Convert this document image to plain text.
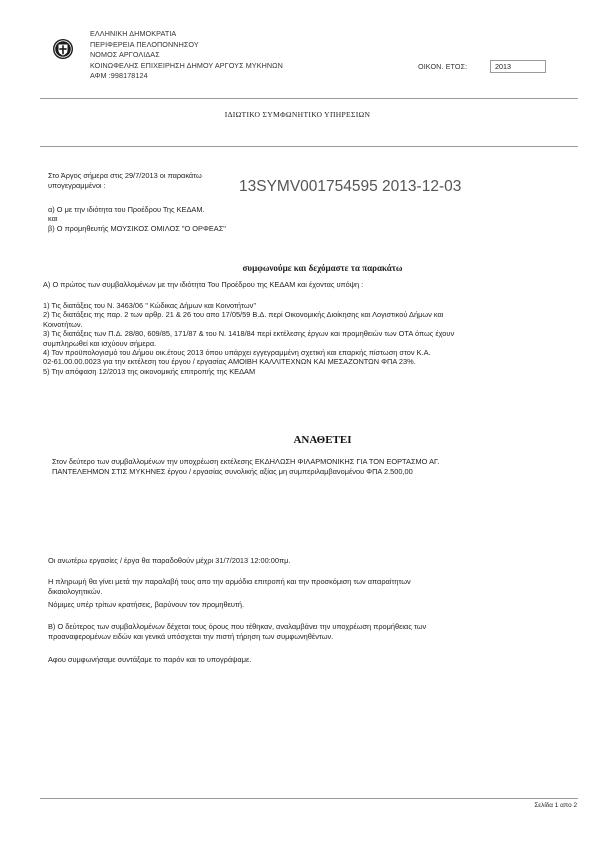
ΕΛΛΗΝΙΚΗ ΔΗΜΟΚΡΑΤΙΑ
ΠΕΡΙΦΕΡΕΙΑ ΠΕΛΟΠΟΝΝΗΣΟΥ
ΝΟΜΟΣ ΑΡΓΟΛΙΔΑΣ
ΚΟΙΝΩΦΕΛΗΣ ΕΠΙΧΕΙΡΗΣΗ ΔΗΜΟΥ ΑΡΓΟΥΣ ΜΥΚΗΝΩΝ
ΑΦΜ :998178124
ΟΙΚΟΝ. ΕΤΟΣ:	2013
ΙΔΙΩΤΙΚΟ ΣΥΜΦΩΝΗΤΙΚΟ ΥΠΗΡΕΣΙΩΝ
Στο Άργος σήμερα στις 29/7/2013 οι παρακάτω
υπογεγραμμένοι :	13SYMV001754595 2013-12-03
α) Ο με την ιδιότητα του Προέδρου Της ΚΕΔΑΜ.
και
β) Ο προμηθευτής ΜΟΥΣΙΚΟΣ ΟΜΙΛΟΣ "Ο ΟΡΦΕΑΣ"
συμφωνούμε και δεχόμαστε τα παρακάτω
Α) Ο πρώτος των συμβαλλομένων με την ιδιότητα Του Προέδρου της ΚΕΔΑΜ και έχοντας υπόψη :
1) Τις διατάξεις του Ν. 3463/06 " Κώδικας Δήμων και Κοινοτήτων"
2) Τις διατάξεις της παρ. 2 των αρθρ. 21 & 26 του απο 17/05/59 Β.Δ. περί Οικονομικής Διοίκησης και Λογιστικού Δήμων και
Κοινοτήτων.
3) Τις διατάξεις των Π.Δ. 28/80, 609/85, 171/87 & του Ν. 1418/84 περί εκτέλεσης έργων και προμηθειών των ΟΤΑ όπως έχουν
συμπληρωθεί και ισχύουν σήμερα.
4) Τον προϋπολογισμό του Δήμου οικ.έτους 2013 όπου υπάρχει εγγεγραμμένη σχετική και επαρκής πίστωση στον Κ.Α.
02-61.00.00.0023 για την εκτέλεση του έργου / εργασίας ΑΜΟΙΒΗ ΚΑΛΛΙΤΕΧΝΩΝ ΚΑΙ ΜΕΣΑΖΟΝΤΩΝ ΦΠΑ 23%.
5) Την απόφαση 12/2013 της οικονομικής επιτροπής της ΚΕΔΑΜ
ΑΝΑΘΕΤΕΙ
Στον δεύτερο των συμβαλλομένων την υποχρέωση εκτέλεσης ΕΚΔΗΛΩΣΗ ΦΙΛΑΡΜΟΝΙΚΗΣ ΓΙΑ ΤΟΝ ΕΟΡΤΑΣΜΟ ΑΓ.
ΠΑΝΤΕΛΕΗΜΟΝ ΣΤΙΣ ΜΥΚΗΝΕΣ έργου / εργασίας συνολικής αξίας μη συμπεριλαμβανομένου ΦΠΑ 2.500,00
Οι ανωτέρω εργασίες / έργα θα παραδοθούν μέχρι 31/7/2013 12:00:00πμ.
Η πληρωμή θα γίνει μετά την παραλαβή τους απο την αρμόδια επιτροπή και την προσκόμιση των απαραίτητων
δικαιολογητικών.
Νόμιμες υπέρ τρίτων κρατήσεις, βαρύνουν τον προμηθευτή.
Β) Ο δεύτερος των συμβαλλομένων δέχεται τους όρους που τέθηκαν, αναλαμβάνει την υποχρέωση προμήθειας των
προαναφερομένων ειδών και γενικά υπόσχεται την πιστή τήρηση των συμφωνηθέντων.
Αφου συμφωνήσαμε συντάξαμε το παρόν και το υπογράψαμε.
Σελίδα 1 απο 2
